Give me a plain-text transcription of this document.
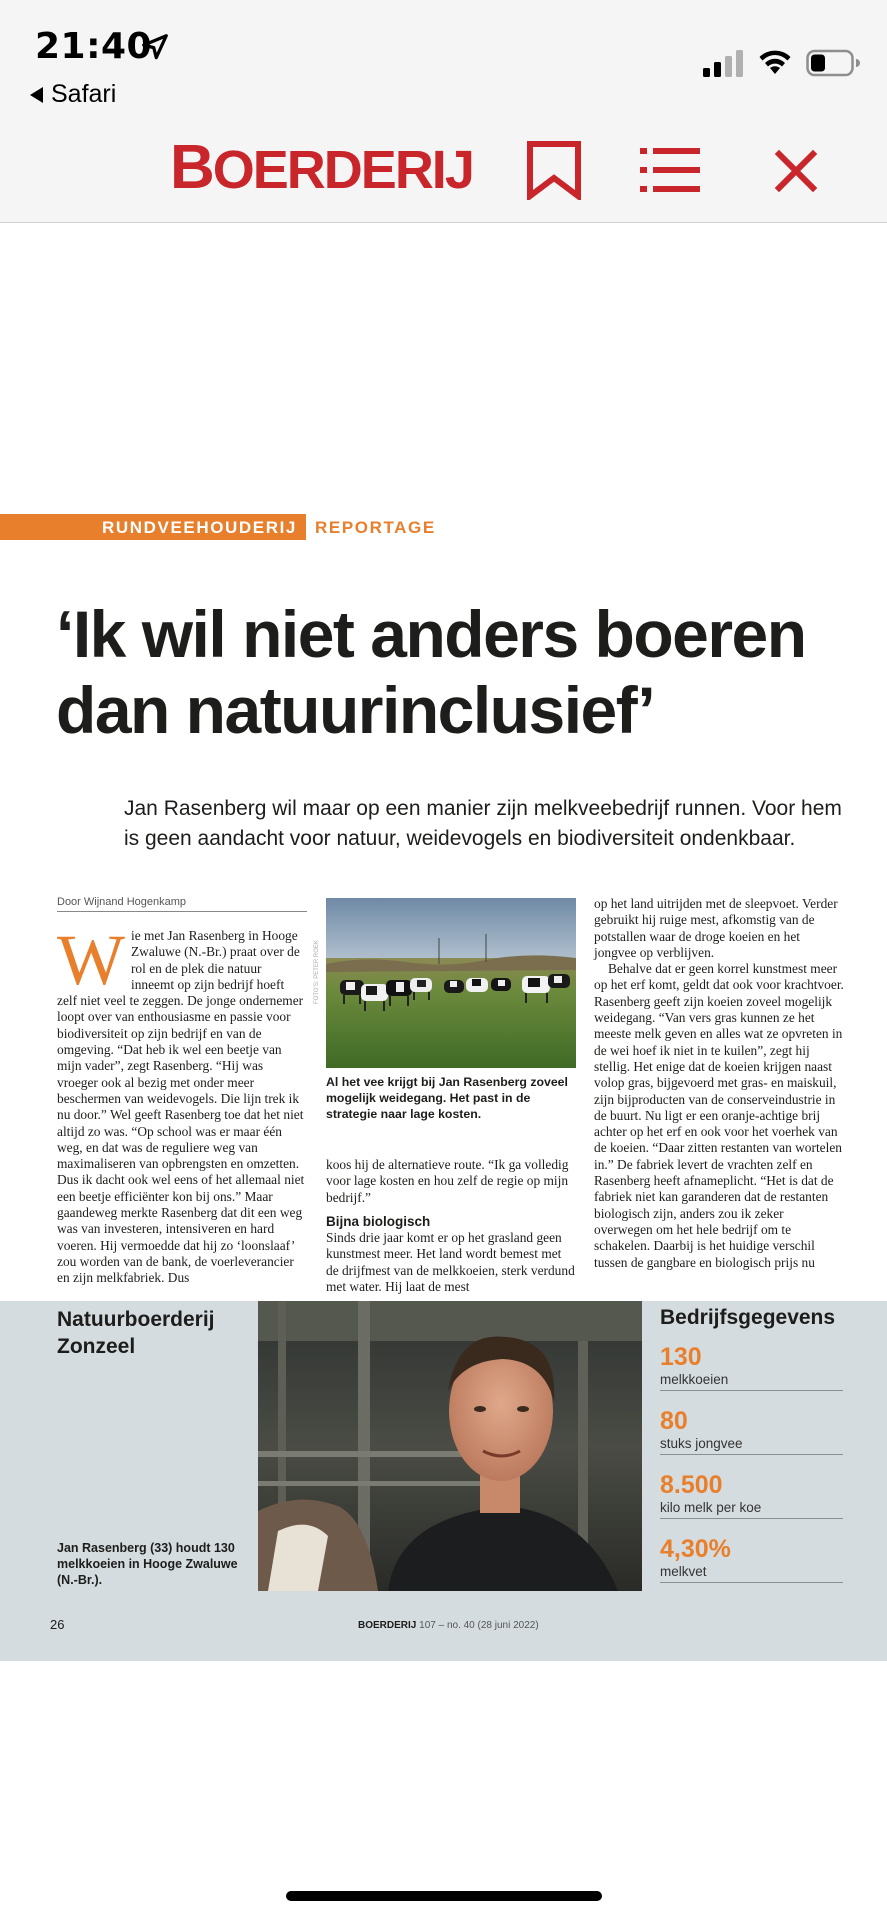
21:40
Safari
BOERDERIJ
RUNDVEEHOUDERIJ REPORTAGE
‘Ik wil niet anders boeren
dan natuurinclusief’

Jan Rasenberg wil maar op een manier zijn melkveebedrijf runnen. Voor hem is geen aandacht voor natuur, weidevogels en biodiversiteit ondenkbaar.

Door Wijnand Hogenkamp
W ie met Jan Rasenberg in Hooge Zwaluwe (N.-Br.) praat over de rol en de plek die natuur inneemt op zijn bedrijf hoeft zelf niet veel te zeggen. De jonge ondernemer loopt over van enthousiasme en passie voor biodiversiteit op zijn bedrijf en van de omgeving. “Dat heb ik wel een beetje van mijn vader”, zegt Rasenberg. “Hij was vroeger ook al bezig met onder meer beschermen van weidevogels. Die lijn trek ik nu door.” Wel geeft Rasenberg toe dat het niet altijd zo was. “Op school was er maar één weg, en dat was de reguliere weg van maximaliseren van opbrengsten en omzetten. Dus ik dacht ook wel eens of het allemaal niet een beetje efficiënter kon bij ons.” Maar gaandeweg merkte Rasenberg dat dit een weg was van investeren, intensiveren en hard voeren. Hij vermoedde dat hij zo ‘loonslaaf’ zou worden van de bank, de voerleverancier en zijn melkfabriek. Dus
FOTO’S: PETER ROEK
Al het vee krijgt bij Jan Rasenberg zoveel mogelijk weidegang. Het past in de strategie naar lage kosten.

koos hij de alternatieve route. “Ik ga volledig voor lage kosten en hou zelf de regie op mijn bedrijf.”

Bijna biologisch

Sinds drie jaar komt er op het grasland geen kunstmest meer. Het land wordt bemest met de drijfmest van de melkkoeien, sterk verdund met water. Hij laat de mest

op het land uitrijden met de sleepvoet. Verder gebruikt hij ruige mest, afkomstig van de potstallen waar de droge koeien en het jongvee op verblijven.

Behalve dat er geen korrel kunstmest meer op het erf komt, geldt dat ook voor krachtvoer. Rasenberg geeft zijn koeien zoveel mogelijk weidegang. “Van vers gras kunnen ze het meeste melk geven en alles wat ze opvreten in de wei hoef ik niet in te kuilen”, zegt hij stellig. Het enige dat de koeien krijgen naast volop gras, bijgevoerd met gras- en maiskuil, zijn bijproducten van de conserveindustrie in de buurt. Nu ligt er een oranje-achtige brij achter op het erf en ook voor het voerhek van de koeien. “Daar zitten restanten van wortelen in.” De fabriek levert de vrachten zelf en Rasenberg heeft afnameplicht. “Het is dat de fabriek niet kan garanderen dat de restanten biologisch zijn, anders zou ik zeker overwegen om het hele bedrijf om te schakelen. Daarbij is het huidige verschil tussen de gangbare en biologisch prijs nu

Natuurboerderij Zonzeel
Jan Rasenberg (33) houdt 130 melkkoeien in Hooge Zwaluwe (N.-Br.).
Bedrijfsgegevens
130
melkkoeien
80
stuks jongvee
8.500
kilo melk per koe
4,30%
melkvet
26	BOERDERIJ 107 – no. 40 (28 juni 2022)
